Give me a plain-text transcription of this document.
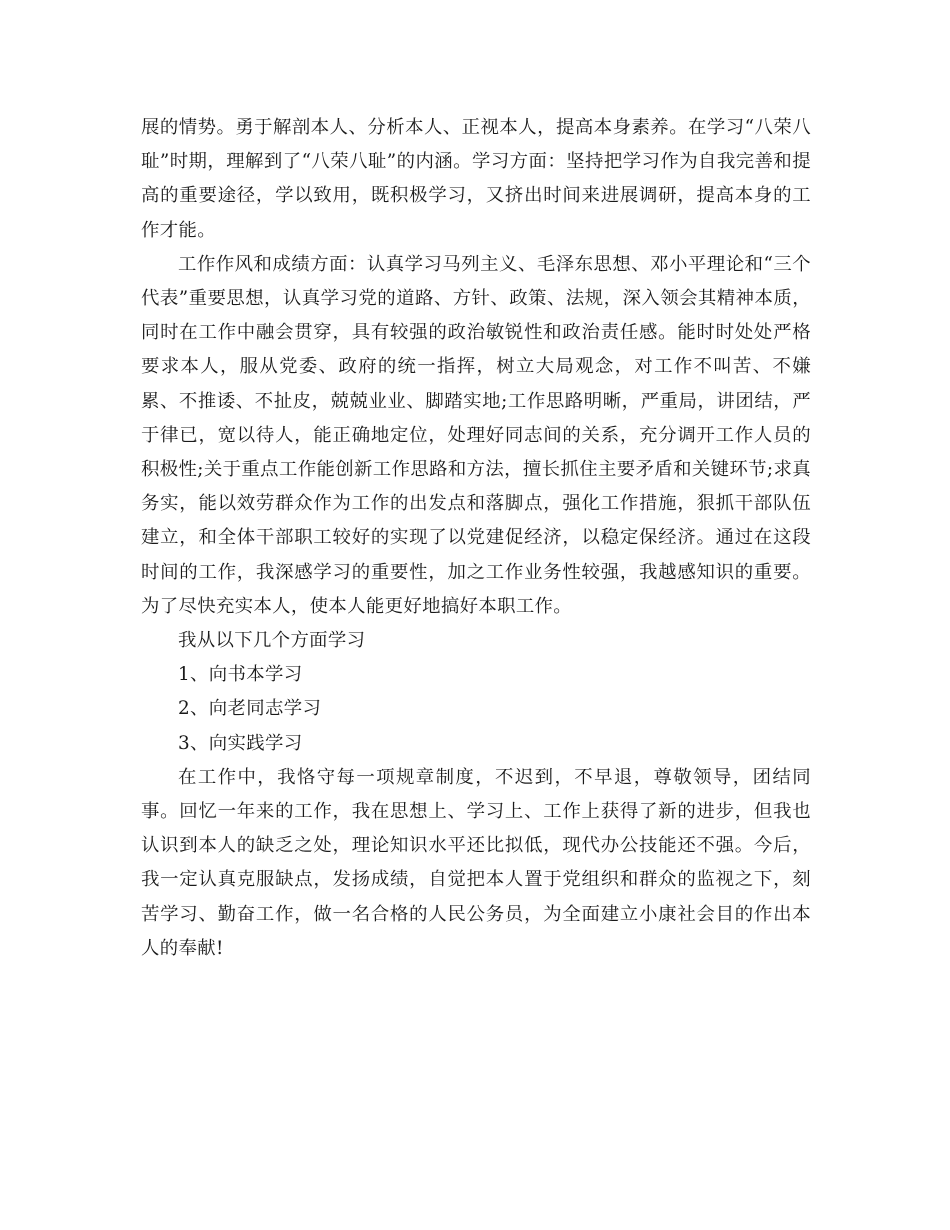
展的情势。勇于解剖本人、分析本人、正视本人，提高本身素养。在学习“八荣八耻”时期，理解到了“八荣八耻”的内涵。学习方面：坚持把学习作为自我完善和提高的重要途径，学以致用，既积极学习，又挤出时间来进展调研，提高本身的工作才能。

工作作风和成绩方面：认真学习马列主义、毛泽东思想、邓小平理论和“三个代表”重要思想，认真学习党的道路、方针、政策、法规，深入领会其精神本质，同时在工作中融会贯穿，具有较强的政治敏锐性和政治责任感。能时时处处严格要求本人，服从党委、政府的统一指挥，树立大局观念，对工作不叫苦、不嫌累、不推诿、不扯皮，兢兢业业、脚踏实地;工作思路明晰，严重局，讲团结，严于律已，宽以待人，能正确地定位，处理好同志间的关系，充分调开工作人员的积极性;关于重点工作能创新工作思路和方法，擅长抓住主要矛盾和关键环节;求真务实，能以效劳群众作为工作的出发点和落脚点，强化工作措施，狠抓干部队伍建立，和全体干部职工较好的实现了以党建促经济，以稳定保经济。通过在这段时间的工作，我深感学习的重要性，加之工作业务性较强，我越感知识的重要。为了尽快充实本人，使本人能更好地搞好本职工作。

我从以下几个方面学习

1、向书本学习

2、向老同志学习

3、向实践学习

在工作中，我恪守每一项规章制度，不迟到，不早退，尊敬领导，团结同事。回忆一年来的工作，我在思想上、学习上、工作上获得了新的进步，但我也认识到本人的缺乏之处，理论知识水平还比拟低，现代办公技能还不强。今后，我一定认真克服缺点，发扬成绩，自觉把本人置于党组织和群众的监视之下，刻苦学习、勤奋工作，做一名合格的人民公务员，为全面建立小康社会目的作出本人的奉献!
